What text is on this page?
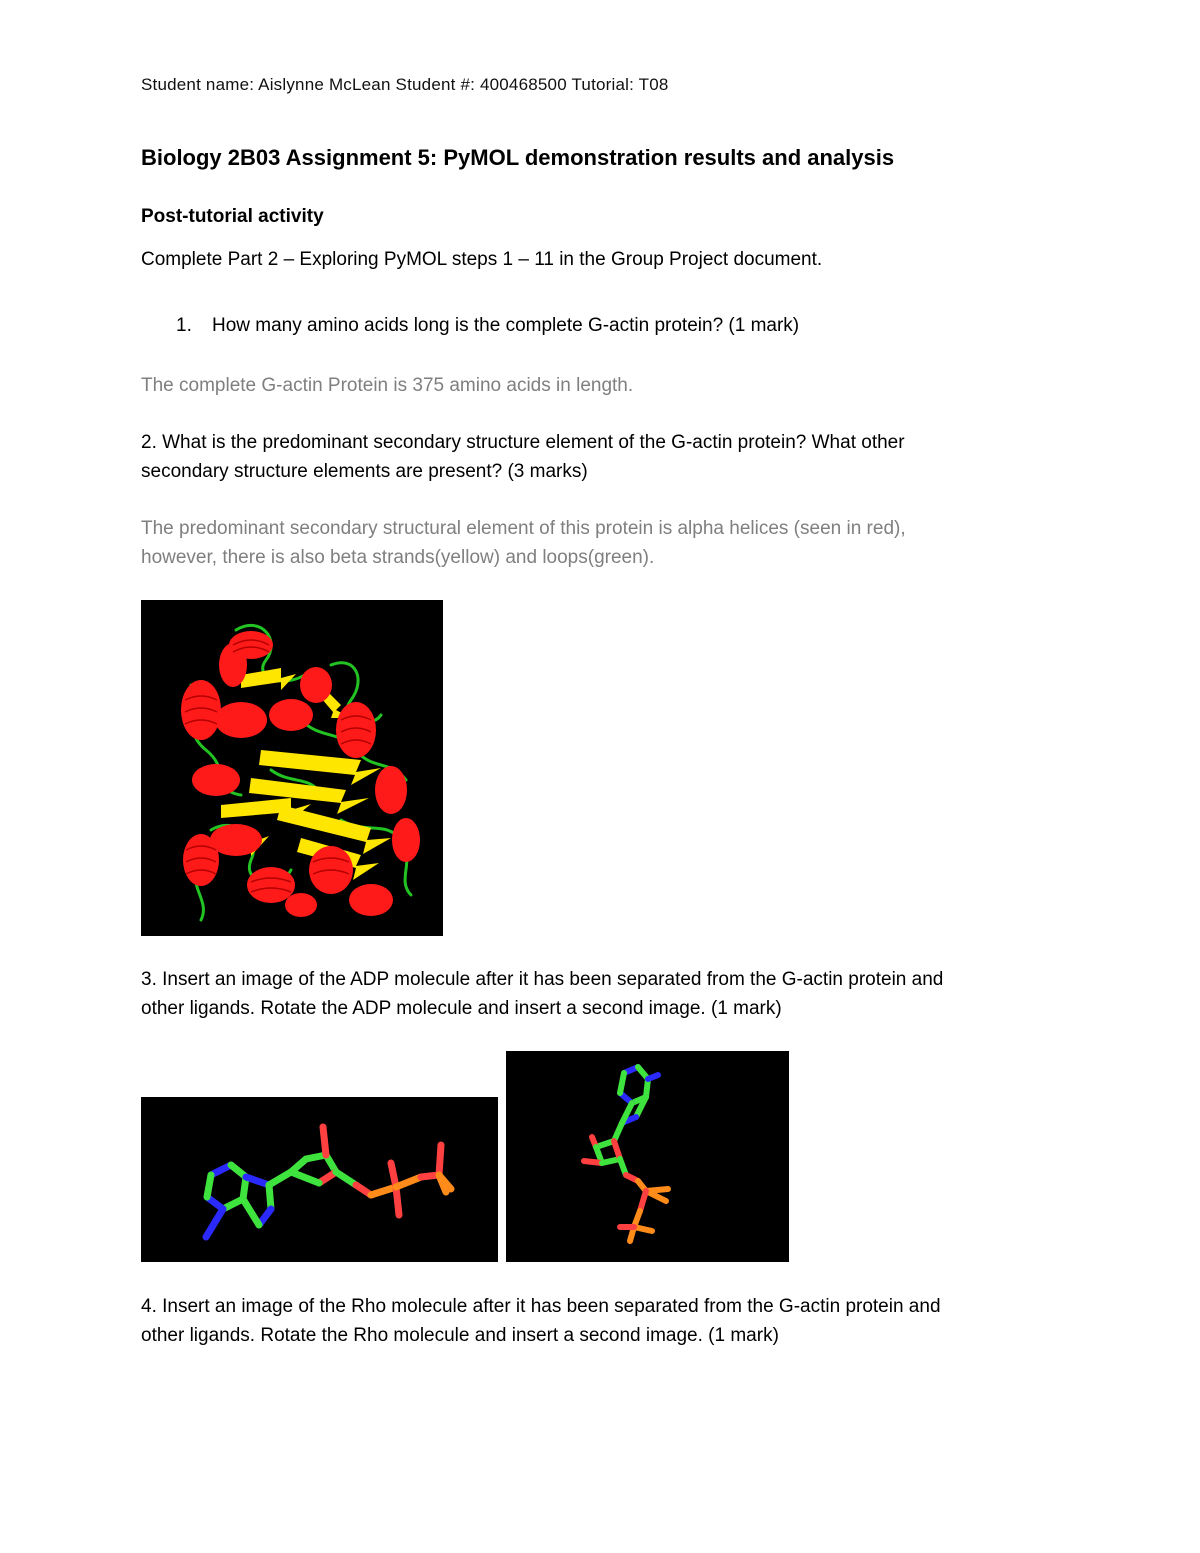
Student name: Aislynne McLean Student #: 400468500 Tutorial: T08
Biology 2B03 Assignment 5: PyMOL demonstration results and analysis
Post-tutorial activity
Complete Part 2 – Exploring PyMOL steps 1 – 11 in the Group Project document.
1. How many amino acids long is the complete G-actin protein? (1 mark)
The complete G-actin Protein is 375 amino acids in length.
2. What is the predominant secondary structure element of the G-actin protein? What other
secondary structure elements are present? (3 marks)
The predominant secondary structural element of this protein is alpha helices (seen in red),
however, there is also beta strands(yellow) and loops(green).
3. Insert an image of the ADP molecule after it has been separated from the G-actin protein and
other ligands. Rotate the ADP molecule and insert a second image. (1 mark)
4. Insert an image of the Rho molecule after it has been separated from the G-actin protein and
other ligands. Rotate the Rho molecule and insert a second image. (1 mark)
